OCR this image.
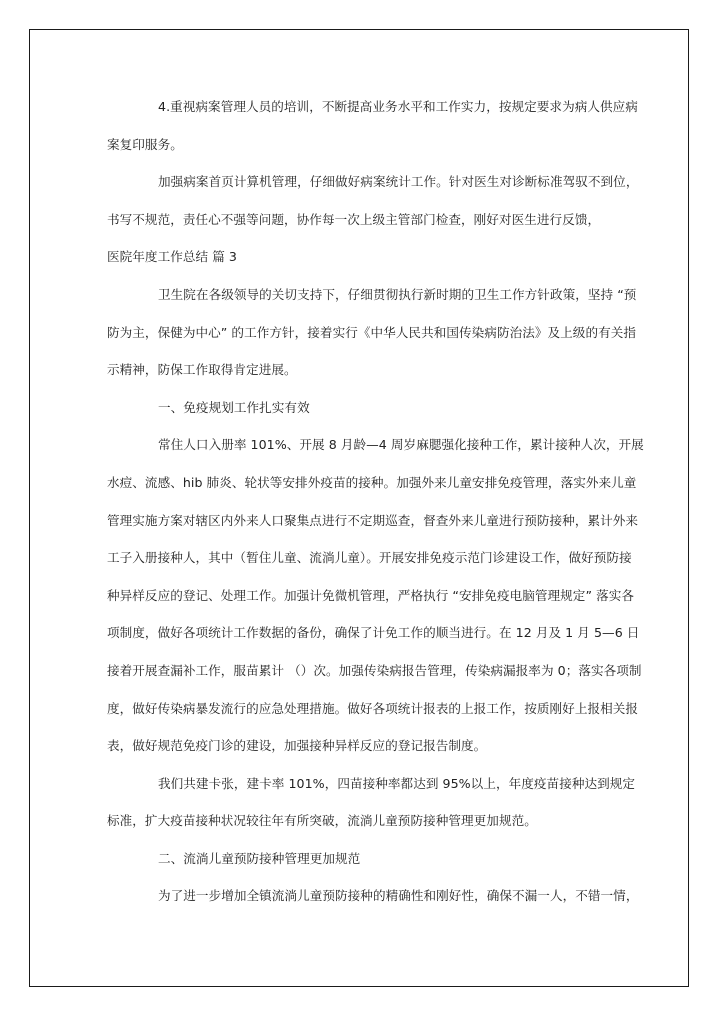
4.重视病案管理人员的培训，不断提高业务水平和工作实力，按规定要求为病人供应病
案复印服务。
加强病案首页计算机管理，仔细做好病案统计工作。针对医生对诊断标准驾驭不到位，
书写不规范，责任心不强等问题，协作每一次上级主管部门检查，刚好对医生进行反馈，
医院年度工作总结 篇 3
卫生院在各级领导的关切支持下，仔细贯彻执行新时期的卫生工作方针政策，坚持 “预
防为主，保健为中心” 的工作方针，接着实行《中华人民共和国传染病防治法》及上级的有关指
示精神，防保工作取得肯定进展。
一、免疫规划工作扎实有效
常住人口入册率 101%、开展 8 月龄—4 周岁麻腮强化接种工作，累计接种人次，开展
水痘、流感、hib 肺炎、轮状等安排外疫苗的接种。加强外来儿童安排免疫管理，落实外来儿童
管理实施方案对辖区内外来人口聚集点进行不定期巡查，督查外来儿童进行预防接种，累计外来
工子入册接种人，其中（暂住儿童、流淌儿童）。开展安排免疫示范门诊建设工作，做好预防接
种异样反应的登记、处理工作。加强计免微机管理，严格执行 “安排免疫电脑管理规定” 落实各
项制度，做好各项统计工作数据的备份，确保了计免工作的顺当进行。在 12 月及 1 月 5—6 日
接着开展查漏补工作，服苗累计 （）次。加强传染病报告管理，传染病漏报率为 0；落实各项制
度，做好传染病暴发流行的应急处理措施。做好各项统计报表的上报工作，按质刚好上报相关报
表，做好规范免疫门诊的建设，加强接种异样反应的登记报告制度。
我们共建卡张，建卡率 101%，四苗接种率都达到 95%以上，年度疫苗接种达到规定
标准，扩大疫苗接种状况较往年有所突破，流淌儿童预防接种管理更加规范。
二、流淌儿童预防接种管理更加规范
为了进一步增加全镇流淌儿童预防接种的精确性和刚好性，确保不漏一人，不错一情，
